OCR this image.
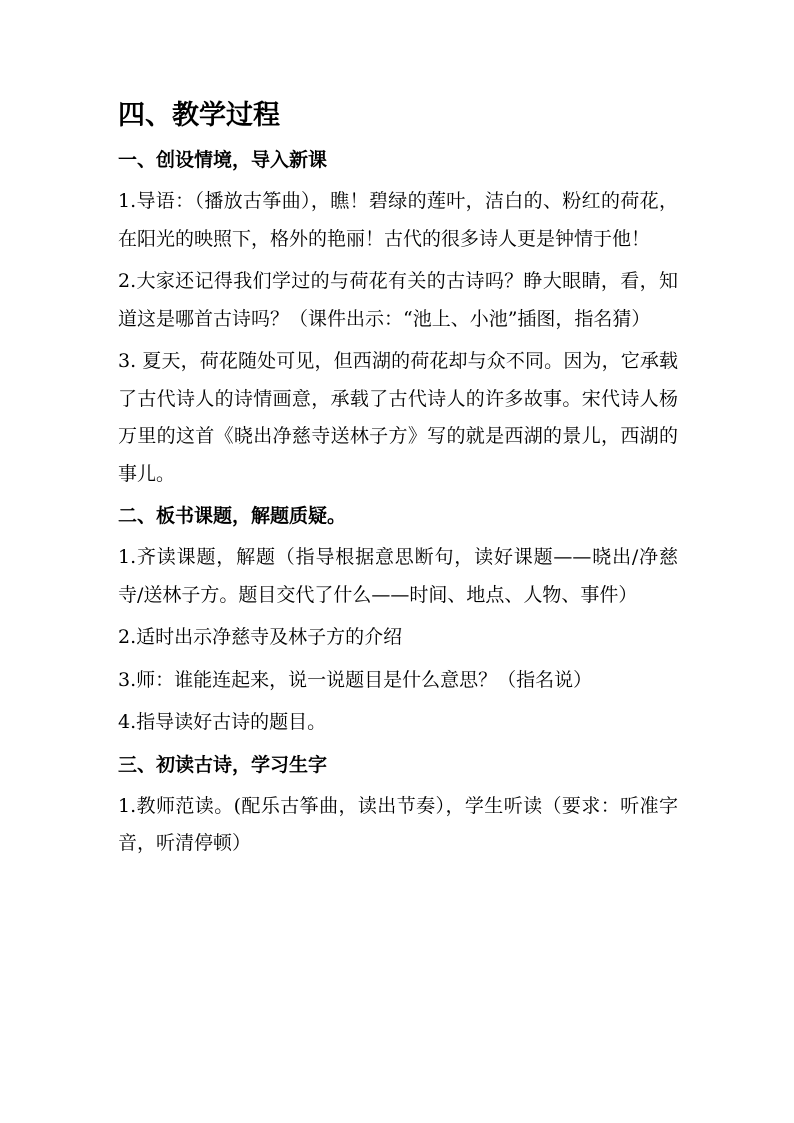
四、教学过程
一、创设情境，导入新课

1.导语：（播放古筝曲），瞧！碧绿的莲叶，洁白的、粉红的荷花，在阳光的映照下，格外的艳丽！古代的很多诗人更是钟情于他！

2.大家还记得我们学过的与荷花有关的古诗吗？睁大眼睛，看，知道这是哪首古诗吗？（课件出示：“池上、小池”插图，指名猜）

3. 夏天，荷花随处可见，但西湖的荷花却与众不同。因为，它承载了古代诗人的诗情画意，承载了古代诗人的许多故事。宋代诗人杨万里的这首《晓出净慈寺送林子方》写的就是西湖的景儿，西湖的事儿。

二、板书课题，解题质疑。

1.齐读课题，解题（指导根据意思断句，读好课题——晓出/净慈寺/送林子方。题目交代了什么——时间、地点、人物、事件）

2.适时出示净慈寺及林子方的介绍

3.师：谁能连起来，说一说题目是什么意思？（指名说）

4.指导读好古诗的题目。

三、初读古诗，学习生字

1.教师范读。(配乐古筝曲，读出节奏），学生听读（要求：听准字音，听清停顿）
